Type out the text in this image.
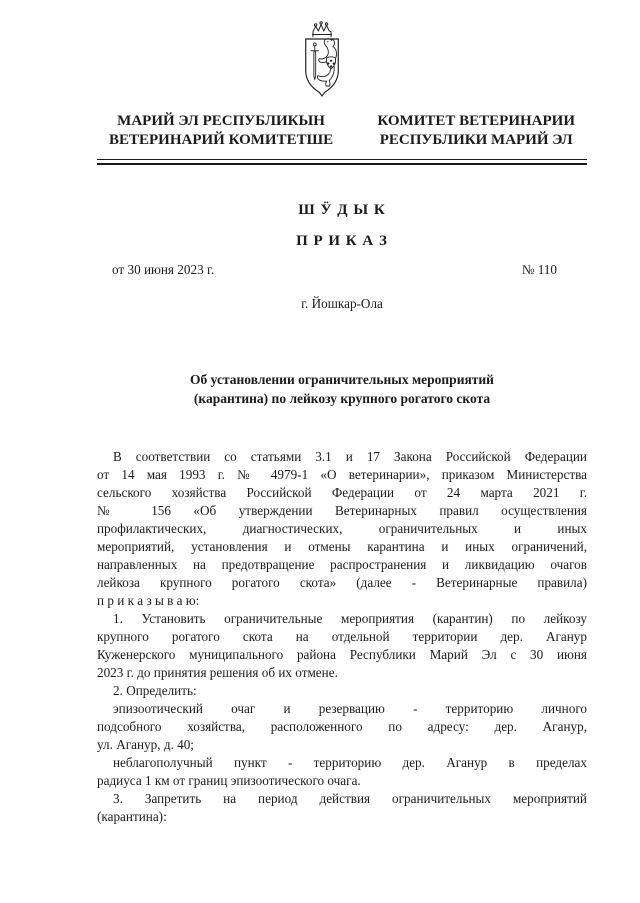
МАРИЙ ЭЛ РЕСПУБЛИКЫН
ВЕТЕРИНАРИЙ КОМИТЕТШЕ
КОМИТЕТ ВЕТЕРИНАРИИ
РЕСПУБЛИКИ МАРИЙ ЭЛ
Ш Ӱ Д Ы К
П Р И К А З
от 30 июня 2023 г.	№ 110
г. Йошкар-Ола
Об установлении ограничительных мероприятий
(карантина) по лейкозу крупного рогатого скота
В соответствии со статьями 3.1 и 17 Закона Российской Федерации
от 14 мая 1993 г. № 4979-1 «О ветеринарии», приказом Министерства
сельского хозяйства Российской Федерации от 24 марта 2021 г.
№ 156 «Об утверждении Ветеринарных правил осуществления
профилактических, диагностических, ограничительных и иных
мероприятий, установления и отмены карантина и иных ограничений,
направленных на предотвращение распространения и ликвидацию очагов
лейкоза крупного рогатого скота» (далее - Ветеринарные правила)
п р и к а з ы в а ю:
1. Установить ограничительные мероприятия (карантин) по лейкозу
крупного рогатого скота на отдельной территории дер. Аганур
Куженерского муниципального района Республики Марий Эл с 30 июня
2023 г. до принятия решения об их отмене.
2. Определить:
эпизоотический очаг и резервацию - территорию личного
подсобного хозяйства, расположенного по адресу: дер. Аганур,
ул. Аганур, д. 40;
неблагополучный пункт - территорию дер. Аганур в пределах
радиуса 1 км от границ эпизоотического очага.
3. Запретить на период действия ограничительных мероприятий
(карантина):
